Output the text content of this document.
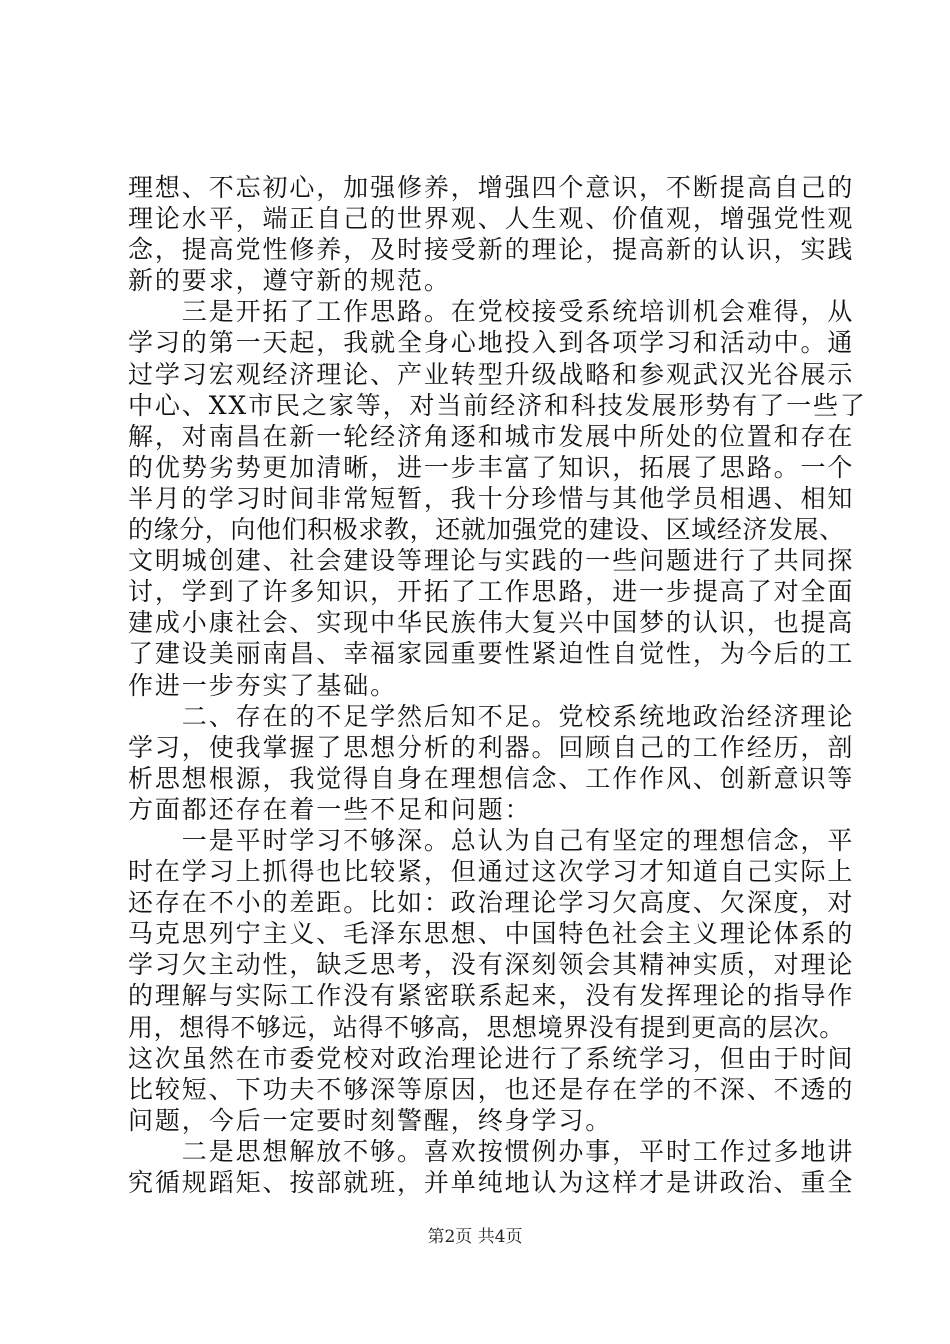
理想、不忘初心，加强修养，增强四个意识，不断提高自己的
理论水平，端正自己的世界观、人生观、价值观，增强党性观
念，提高党性修养，及时接受新的理论，提高新的认识，实践
新的要求，遵守新的规范。
　　三是开拓了工作思路。在党校接受系统培训机会难得，从
学习的第一天起，我就全身心地投入到各项学习和活动中。通
过学习宏观经济理论、产业转型升级战略和参观武汉光谷展示
中心、XX市民之家等，对当前经济和科技发展形势有了一些了
解，对南昌在新一轮经济角逐和城市发展中所处的位置和存在
的优势劣势更加清晰，进一步丰富了知识，拓展了思路。一个
半月的学习时间非常短暂，我十分珍惜与其他学员相遇、相知
的缘分，向他们积极求教，还就加强党的建设、区域经济发展、
文明城创建、社会建设等理论与实践的一些问题进行了共同探
讨，学到了许多知识，开拓了工作思路，进一步提高了对全面
建成小康社会、实现中华民族伟大复兴中国梦的认识，也提高
了建设美丽南昌、幸福家园重要性紧迫性自觉性，为今后的工
作进一步夯实了基础。
　　二、存在的不足学然后知不足。党校系统地政治经济理论
学习，使我掌握了思想分析的利器。回顾自己的工作经历，剖
析思想根源，我觉得自身在理想信念、工作作风、创新意识等
方面都还存在着一些不足和问题：
　　一是平时学习不够深。总认为自己有坚定的理想信念，平
时在学习上抓得也比较紧，但通过这次学习才知道自己实际上
还存在不小的差距。比如：政治理论学习欠高度、欠深度，对
马克思列宁主义、毛泽东思想、中国特色社会主义理论体系的
学习欠主动性，缺乏思考，没有深刻领会其精神实质，对理论
的理解与实际工作没有紧密联系起来，没有发挥理论的指导作
用，想得不够远，站得不够高，思想境界没有提到更高的层次。
这次虽然在市委党校对政治理论进行了系统学习，但由于时间
比较短、下功夫不够深等原因，也还是存在学的不深、不透的
问题，今后一定要时刻警醒，终身学习。
　　二是思想解放不够。喜欢按惯例办事，平时工作过多地讲
究循规蹈矩、按部就班，并单纯地认为这样才是讲政治、重全
第2页 共4页
